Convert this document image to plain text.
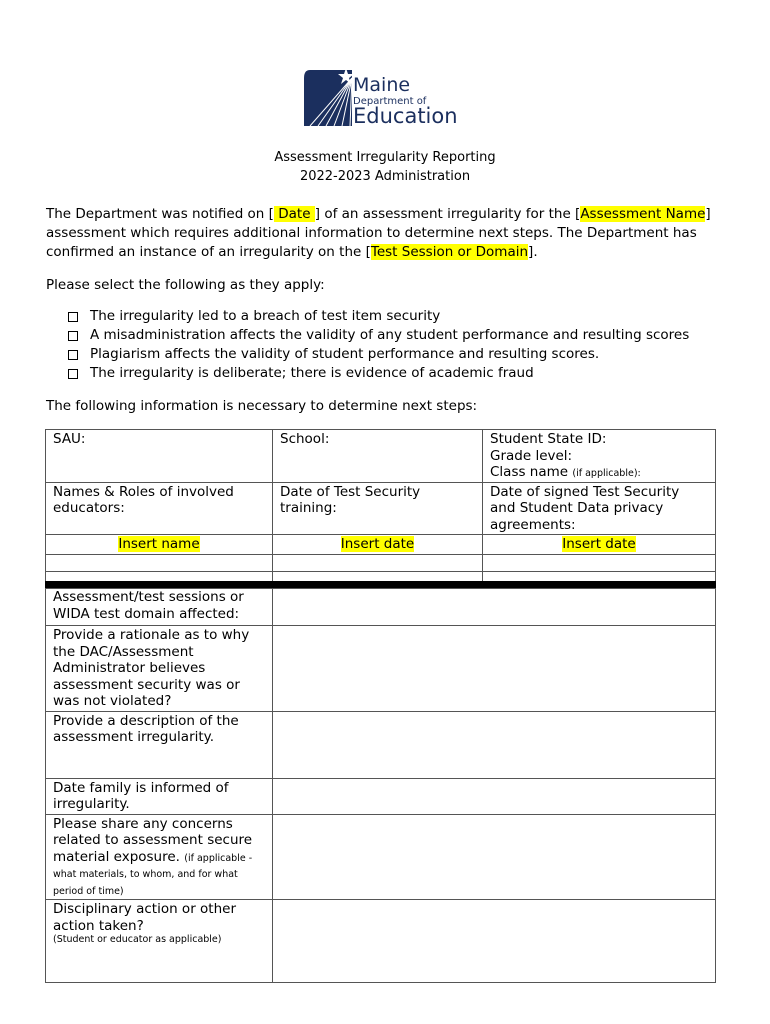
Maine
Department of
Education
Assessment Irregularity Reporting
2022-2023 Administration
The Department was notified on [ Date ] of an assessment irregularity for the [Assessment Name] assessment which requires additional information to determine next steps. The Department has confirmed an instance of an irregularity on the [Test Session or Domain].
Please select the following as they apply:
The irregularity led to a breach of test item security
A misadministration affects the validity of any student performance and resulting scores
Plagiarism affects the validity of student performance and resulting scores.
The irregularity is deliberate; there is evidence of academic fraud
The following information is necessary to determine next steps:
SAU:	School:	Student State ID:
Grade level:
Class name (if applicable):

Names & Roles of involved educators:	Date of Test Security training:	Date of signed Test Security and Student Data privacy agreements:
Insert name	Insert date	Insert date

Assessment/test sessions or WIDA test domain affected:	
Provide a rationale as to why the DAC/Assessment Administrator believes assessment security was or was not violated?	
Provide a description of the assessment irregularity.	
Date family is informed of irregularity.	
Please share any concerns related to assessment secure material exposure. (if applicable - what materials, to whom, and for what period of time)	

Disciplinary action or other action taken?
(Student or educator as applicable)	
